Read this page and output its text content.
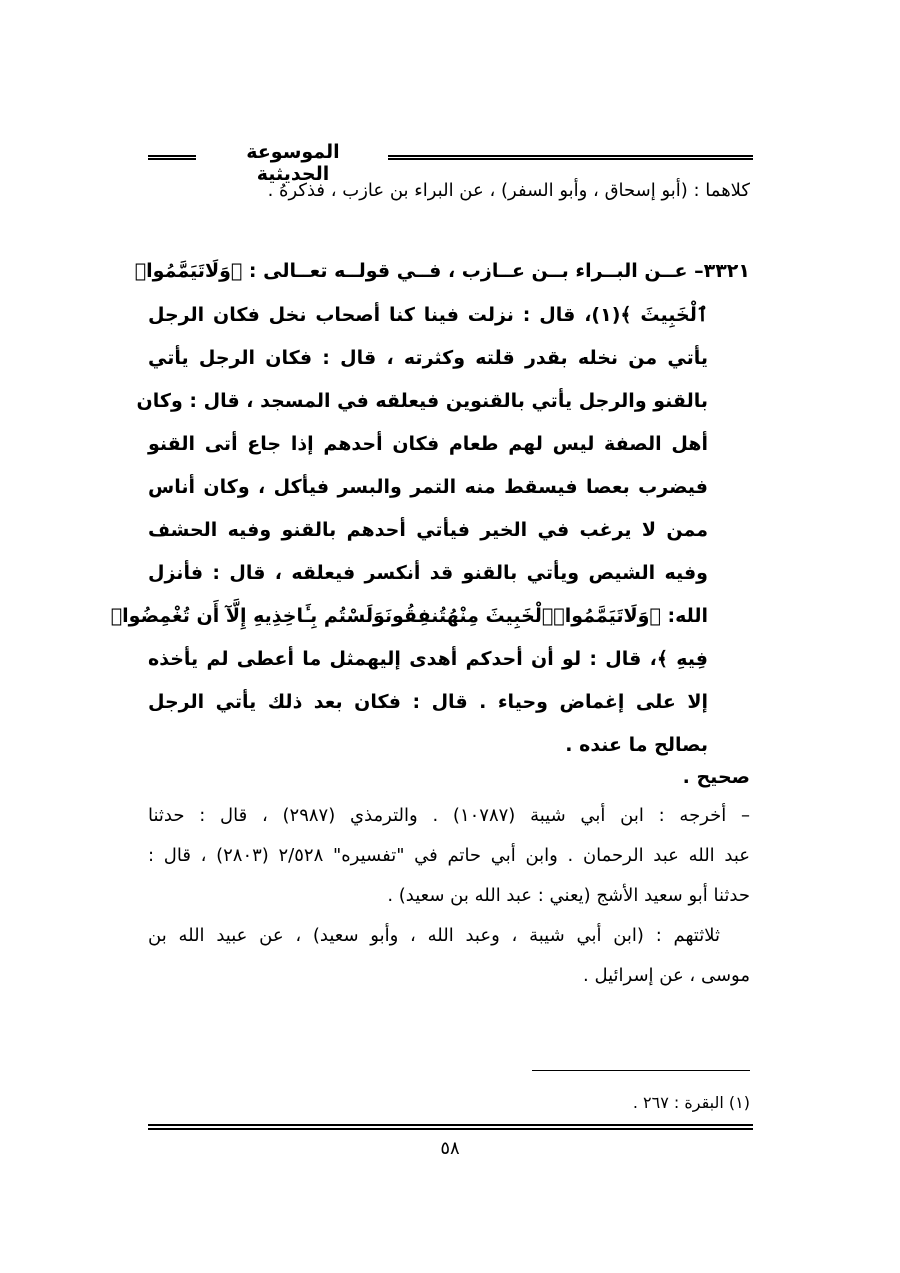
الموسوعة الحديثية
كلاهما : (أبو إسحاق ، وأبو السفر) ، عن البراء بن عازب ، فذكرهُ .
٣٣٢١– عــن البــراء بــن عــازب ، فــي قولــه تعــالى : ﴿وَلَاتَيَمَّمُوا۟
ٱلْخَبِيثَ ﴾(١)، قال : نزلت فينا كنا أصحاب نخل فكان الرجل
يأتي من نخله بقدر قلته وكثرته ، قال : فكان الرجل يأتي
بالقنو والرجل يأتي بالقنوين فيعلقه في المسجد ، قال : وكان
أهل الصفة ليس لهم طعام فكان أحدهم إذا جاع أتى القنو
فيضرب بعصا فيسقط منه التمر والبسر فيأكل ، وكان أناس
ممن لا يرغب في الخير فيأتي أحدهم بالقنو وفيه الحشف
وفيه الشيص ويأتي بالقنو قد أنكسر فيعلقه ، قال : فأنزل
الله: ﴿وَلَاتَيَمَّمُوا۟ٱلْخَبِيثَ مِنْهُتُنفِقُونَوَلَسْتُم بِـَٔاخِذِيهِ إِلَّآ أَن تُغْمِضُوا۟
فِيهِ ﴾، قال : لو أن أحدكم أهدى إليهمثل ما أعطى لم يأخذه
إلا على إغماض وحياء . قال : فكان بعد ذلك يأتي الرجل
بصالح ما عنده .
صحيح .
– أخرجه : ابن أبي شيبة (١٠٧٨٧) . والترمذي (٢٩٨٧) ، قال : حدثنا
عبد الله عبد الرحمان . وابن أبي حاتم في "تفسيره" ٢/٥٢٨ (٢٨٠٣) ، قال :
حدثنا أبو سعيد الأشج (يعني : عبد الله بن سعيد) .
ثلاثتهم : (ابن أبي شيبة ، وعبد الله ، وأبو سعيد) ، عن عبيد الله بن
موسى ، عن إسرائيل .
(١) البقرة : ٢٦٧ .
٥٨
